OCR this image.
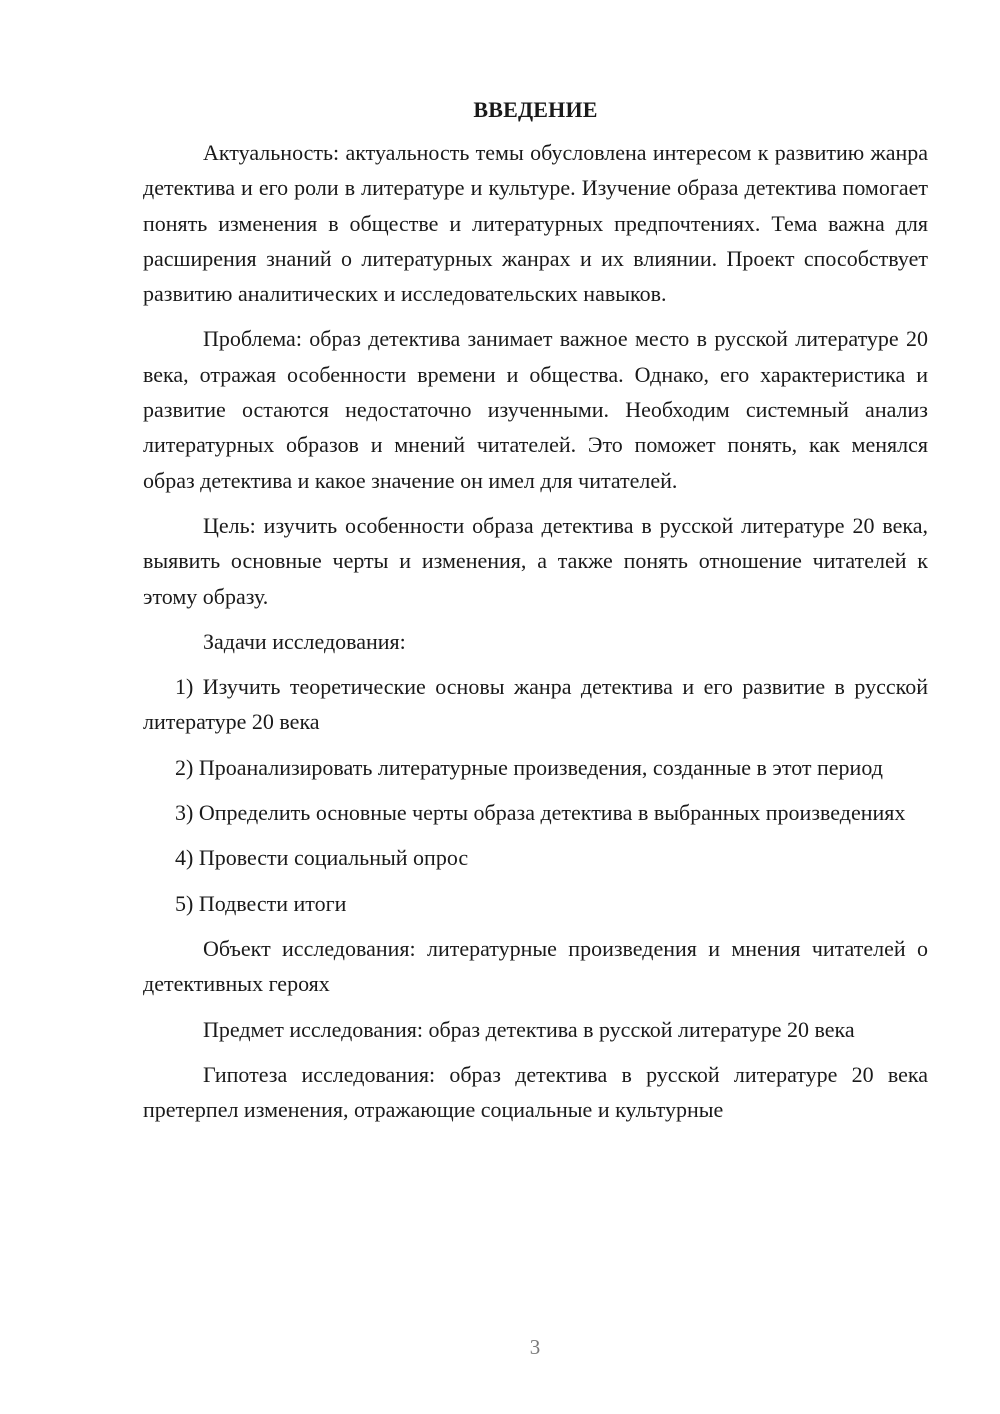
ВВЕДЕНИЕ

Актуальность: актуальность темы обусловлена интересом к развитию жанра детектива и его роли в литературе и культуре. Изучение образа детектива помогает понять изменения в обществе и литературных предпочтениях. Тема важна для расширения знаний о литературных жанрах и их влиянии. Проект способствует развитию аналитических и исследовательских навыков.

Проблема: образ детектива занимает важное место в русской литературе 20 века, отражая особенности времени и общества. Однако, его характеристика и развитие остаются недостаточно изученными. Необходим системный анализ литературных образов и мнений читателей. Это поможет понять, как менялся образ детектива и какое значение он имел для читателей.

Цель: изучить особенности образа детектива в русской литературе 20 века, выявить основные черты и изменения, а также понять отношение читателей к этому образу.

Задачи исследования:

1) Изучить теоретические основы жанра детектива и его развитие в русской литературе 20 века

2) Проанализировать литературные произведения, созданные в этот период

3) Определить основные черты образа детектива в выбранных произведениях

4) Провести социальный опрос

5) Подвести итоги

Объект исследования: литературные произведения и мнения читателей о детективных героях

Предмет исследования: образ детектива в русской литературе 20 века

Гипотеза исследования: образ детектива в русской литературе 20 века претерпел изменения, отражающие социальные и культурные

3
